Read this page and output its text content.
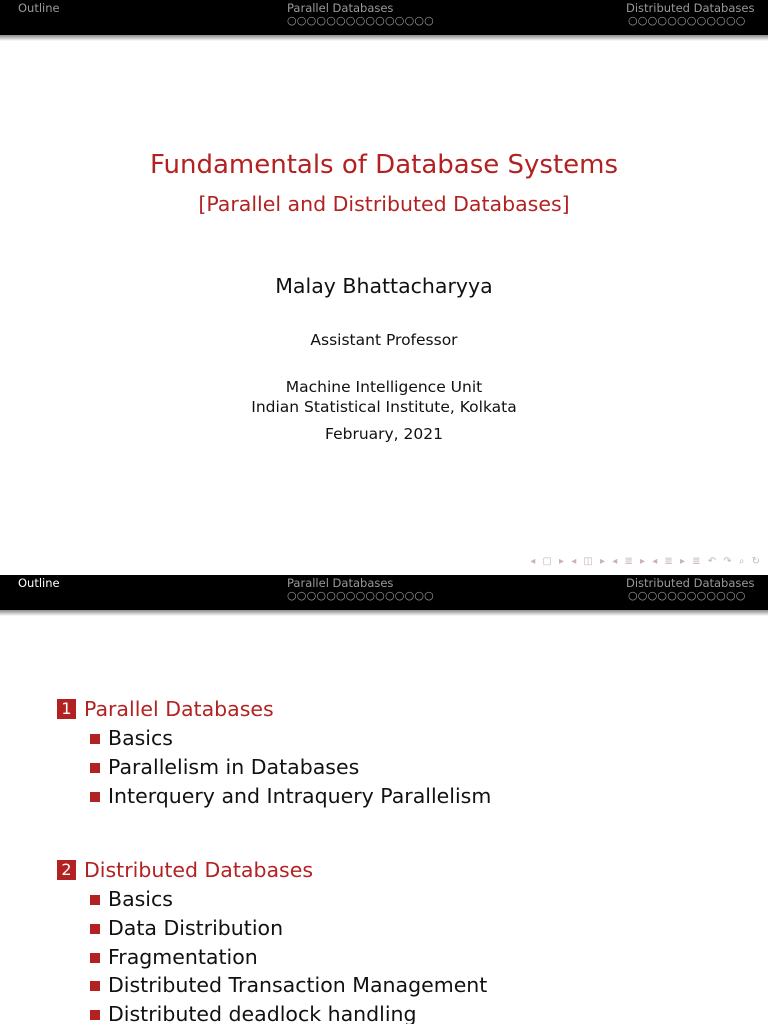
Outline	Parallel Databases
○○○○○○○○○○○○○○○
Distributed Databases
○○○○○○○○○○○○
Fundamentals of Database Systems
[Parallel and Distributed Databases]
Malay Bhattacharyya
Assistant Professor
Machine Intelligence Unit
Indian Statistical Institute, Kolkata
February, 2021
◂ ▢ ▸ ◂ ◫ ▸ ◂ ≣ ▸ ◂ ≣ ▸ ≣ ↶ ↷ ⌕ ↻
Outline	Parallel Databases
○○○○○○○○○○○○○○○
Distributed Databases
○○○○○○○○○○○○
1 Parallel Databases
Basics
Parallelism in Databases
Interquery and Intraquery Parallelism
2 Distributed Databases
Basics
Data Distribution
Fragmentation
Distributed Transaction Management
Distributed deadlock handling
